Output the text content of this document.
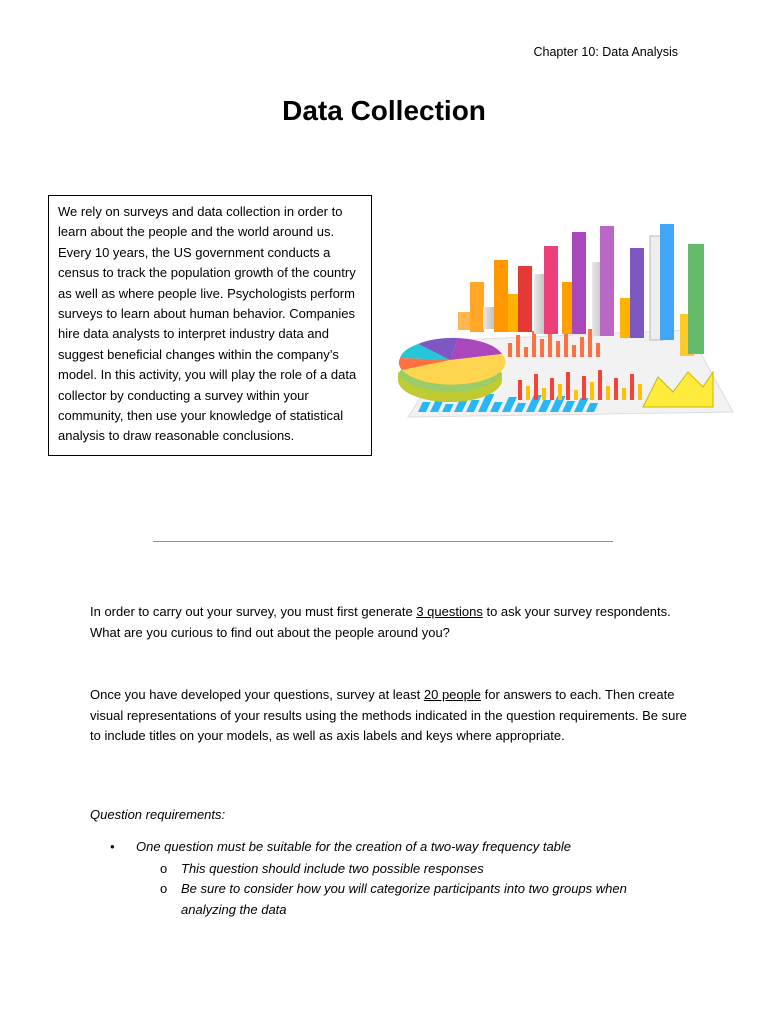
Chapter 10: Data Analysis
Data Collection
We rely on surveys and data collection in order to learn about the people and the world around us. Every 10 years, the US government conducts a census to track the population growth of the country as well as where people live. Psychologists perform surveys to learn about human behavior. Companies hire data analysts to interpret industry data and suggest beneficial changes within the company’s model. In this activity, you will play the role of a data collector by conducting a survey within your community, then use your knowledge of statistical analysis to draw reasonable conclusions.
In order to carry out your survey, you must first generate 3 questions to ask your survey respondents. What are you curious to find out about the people around you?
Once you have developed your questions, survey at least 20 people for answers to each. Then create visual representations of your results using the methods indicated in the question requirements. Be sure to include titles on your models, as well as axis labels and keys where appropriate.
Question requirements:
• One question must be suitable for the creation of a two-way frequency table
o This question should include two possible responses
o Be sure to consider how you will categorize participants into two groups when analyzing the data
